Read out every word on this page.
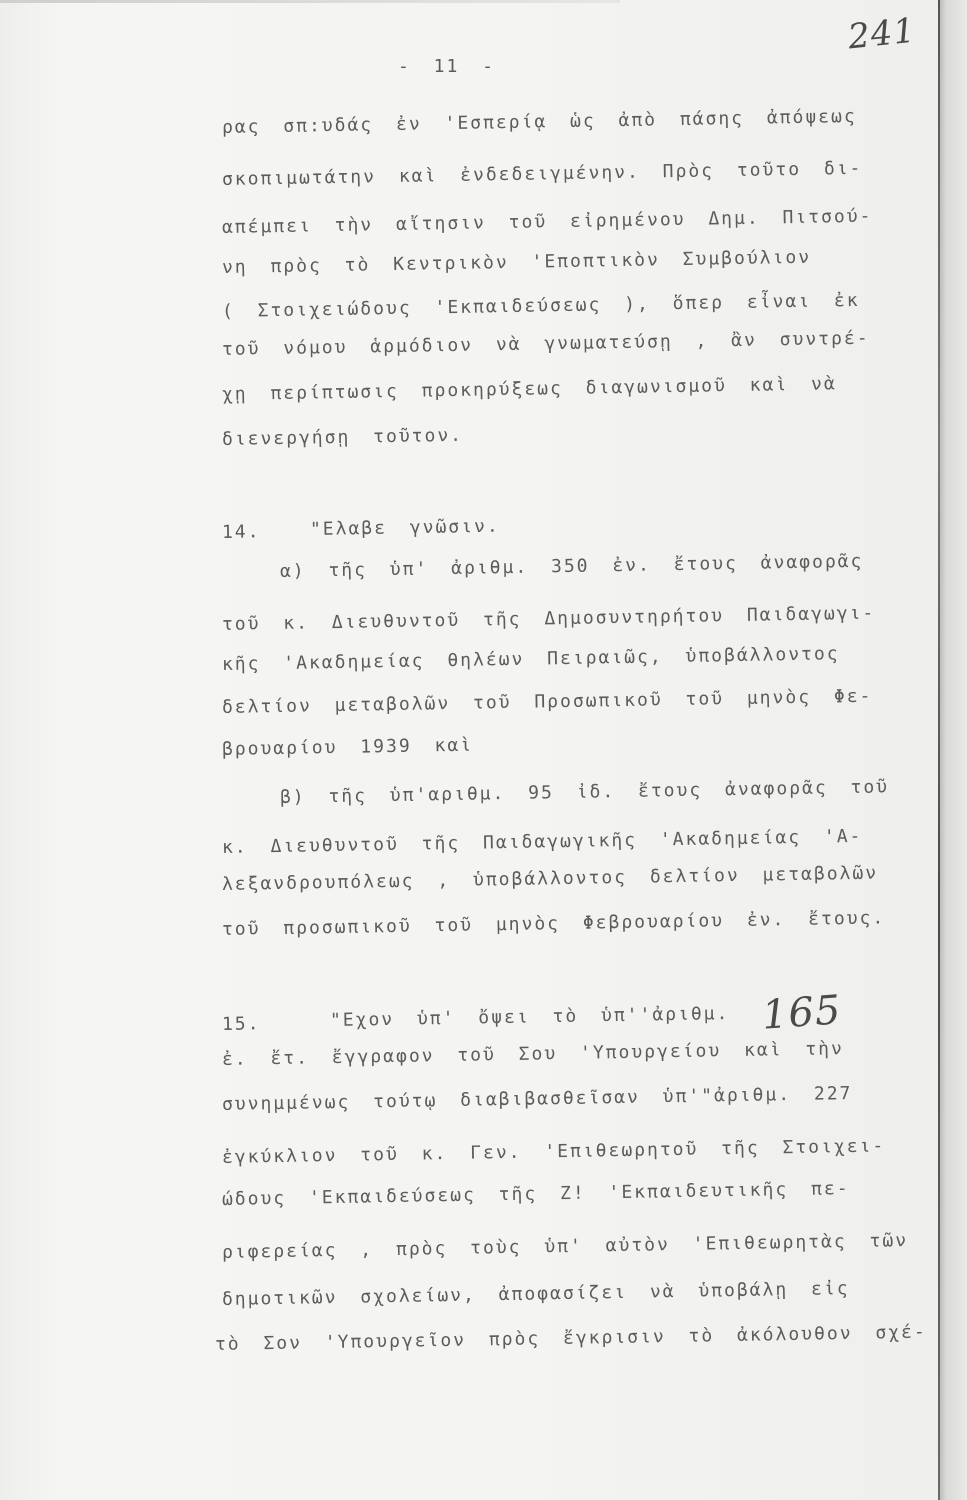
241
- 11 -
ρας σπ:υδάς ἐν 'Εσπερίᾳ ὡς ἀπὸ πάσης ἀπόψεως
σκοπιμωτάτην καὶ ἐνδεδειγμένην. Πρὸς τοῦτο δι-
απέμπει τὴν αἴτησιν τοῦ εἰρημένου Δημ. Πιτσού-
νη πρὸς τὸ Κεντρικὸν 'Εποπτικὸν Συμβούλιον
( Στοιχειώδους 'Εκπαιδεύσεως ), ὅπερ εἶναι ἐκ
τοῦ νόμου ἁρμόδιον νὰ γνωματεύσῃ , ἂν συντρέ-
χῃ περίπτωσις προκηρύξεως διαγωνισμοῦ καὶ νὰ
διενεργήσῃ τοῦτον.
14.	"Ελαβε γνῶσιν.
α) τῆς ὑπ' ἀριθμ. 350 ἐν. ἔτους ἀναφορᾶς
τοῦ κ. Διευθυντοῦ τῆς Δημοσυντηρήτου Παιδαγωγι-
κῆς 'Ακαδημείας θηλέων Πειραιῶς, ὑποβάλλοντος
δελτίον μεταβολῶν τοῦ Προσωπικοῦ τοῦ μηνὸς Φε-
βρουαρίου 1939 καὶ
β) τῆς ὑπ'αριθμ. 95 ἰδ. ἔτους ἀναφορᾶς τοῦ
κ. Διευθυντοῦ τῆς Παιδαγωγικῆς 'Ακαδημείας 'Α-
λεξανδρουπόλεως , ὑποβάλλοντος δελτίον μεταβολῶν
τοῦ προσωπικοῦ τοῦ μηνὸς Φεβρουαρίου ἐν. ἔτους.
15.	"Εχον ὑπ' ὄψει τὸ ὑπ''ἀριθμ. 165
ἐ. ἔτ. ἔγγραφον τοῦ Σου 'Υπουργείου καὶ τὴν
συνημμένως τούτῳ διαβιβασθεῖσαν ὑπ'"ἀριθμ. 227
ἐγκύκλιον τοῦ κ. Γεν. 'Επιθεωρητοῦ τῆς Στοιχει-
ώδους 'Εκπαιδεύσεως τῆς Ζ! 'Εκπαιδευτικῆς πε-
ριφερείας , πρὸς τοὺς ὑπ' αὐτὸν 'Επιθεωρητὰς τῶν
δημοτικῶν σχολείων, ἀποφασίζει νὰ ὑποβάλῃ εἰς
τὸ Σον 'Υπουργεῖον πρὸς ἔγκρισιν τὸ ἀκόλουθον σχέ-
